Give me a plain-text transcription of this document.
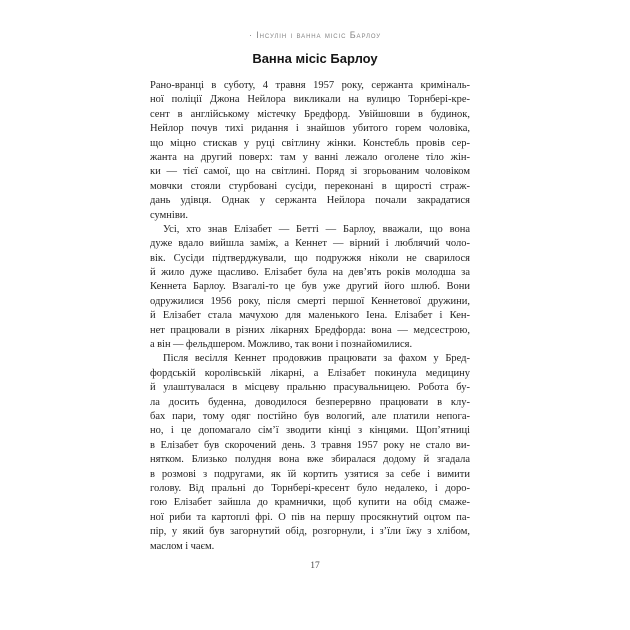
· Інсулін і ванна місіс Барлоу
Ванна місіс Барлоу
Рано-вранці в суботу, 4 травня 1957 року, сержанта криміналь-
ної поліції Джона Нейлора викликали на вулицю Торнбері-кре-
сент в англійському містечку Бредфорд. Увійшовши в будинок,
Нейлор почув тихі ридання і знайшов убитого горем чоловіка,
що міцно стискав у руці світлину жінки. Констебль провів сер-
жанта на другий поверх: там у ванні лежало оголене тіло жін-
ки — тієї самої, що на світлині. Поряд зі згорьованим чоловіком
мовчки стояли стурбовані сусіди, переконані в щирості страж-
дань удівця. Однак у сержанта Нейлора почали закрадатися
сумніви.
Усі, хто знав Елізабет — Бетті — Барлоу, вважали, що вона
дуже вдало вийшла заміж, а Кеннет — вірний і люблячий чоло-
вік. Сусіди підтверджували, що подружжя ніколи не сварилося
й жило дуже щасливо. Елізабет була на дев’ять років молодша за
Кеннета Барлоу. Взагалі-то це був уже другий його шлюб. Вони
одружилися 1956 року, після смерті першої Кеннетової дружини,
й Елізабет стала мачухою для маленького Іена. Елізабет і Кен-
нет працювали в різних лікарнях Бредфорда: вона — медсестрою,
а він — фельдшером. Можливо, так вони і познайомилися.
Після весілля Кеннет продовжив працювати за фахом у Бред-
фордській королівській лікарні, а Елізабет покинула медицину
й улаштувалася в місцеву пральню прасувальницею. Робота бу-
ла досить буденна, доводилося безперервно працювати в клу-
бах пари, тому одяг постійно був вологий, але платили непога-
но, і це допомагало сім’ї зводити кінці з кінцями. Щоп’ятниці
в Елізабет був скорочений день. 3 травня 1957 року не стало ви-
нятком. Близько полудня вона вже збиралася додому й згадала
в розмові з подругами, як їй кортить узятися за себе і вимити
голову. Від пральні до Торнбері-кресент було недалеко, і доро-
гою Елізабет зайшла до крамнички, щоб купити на обід смаже-
ної риби та картоплі фрі. О пів на першу просякнутий оцтом па-
пір, у який був загорнутий обід, розгорнули, і з’їли їжу з хлібом,
маслом і чаєм.
17
